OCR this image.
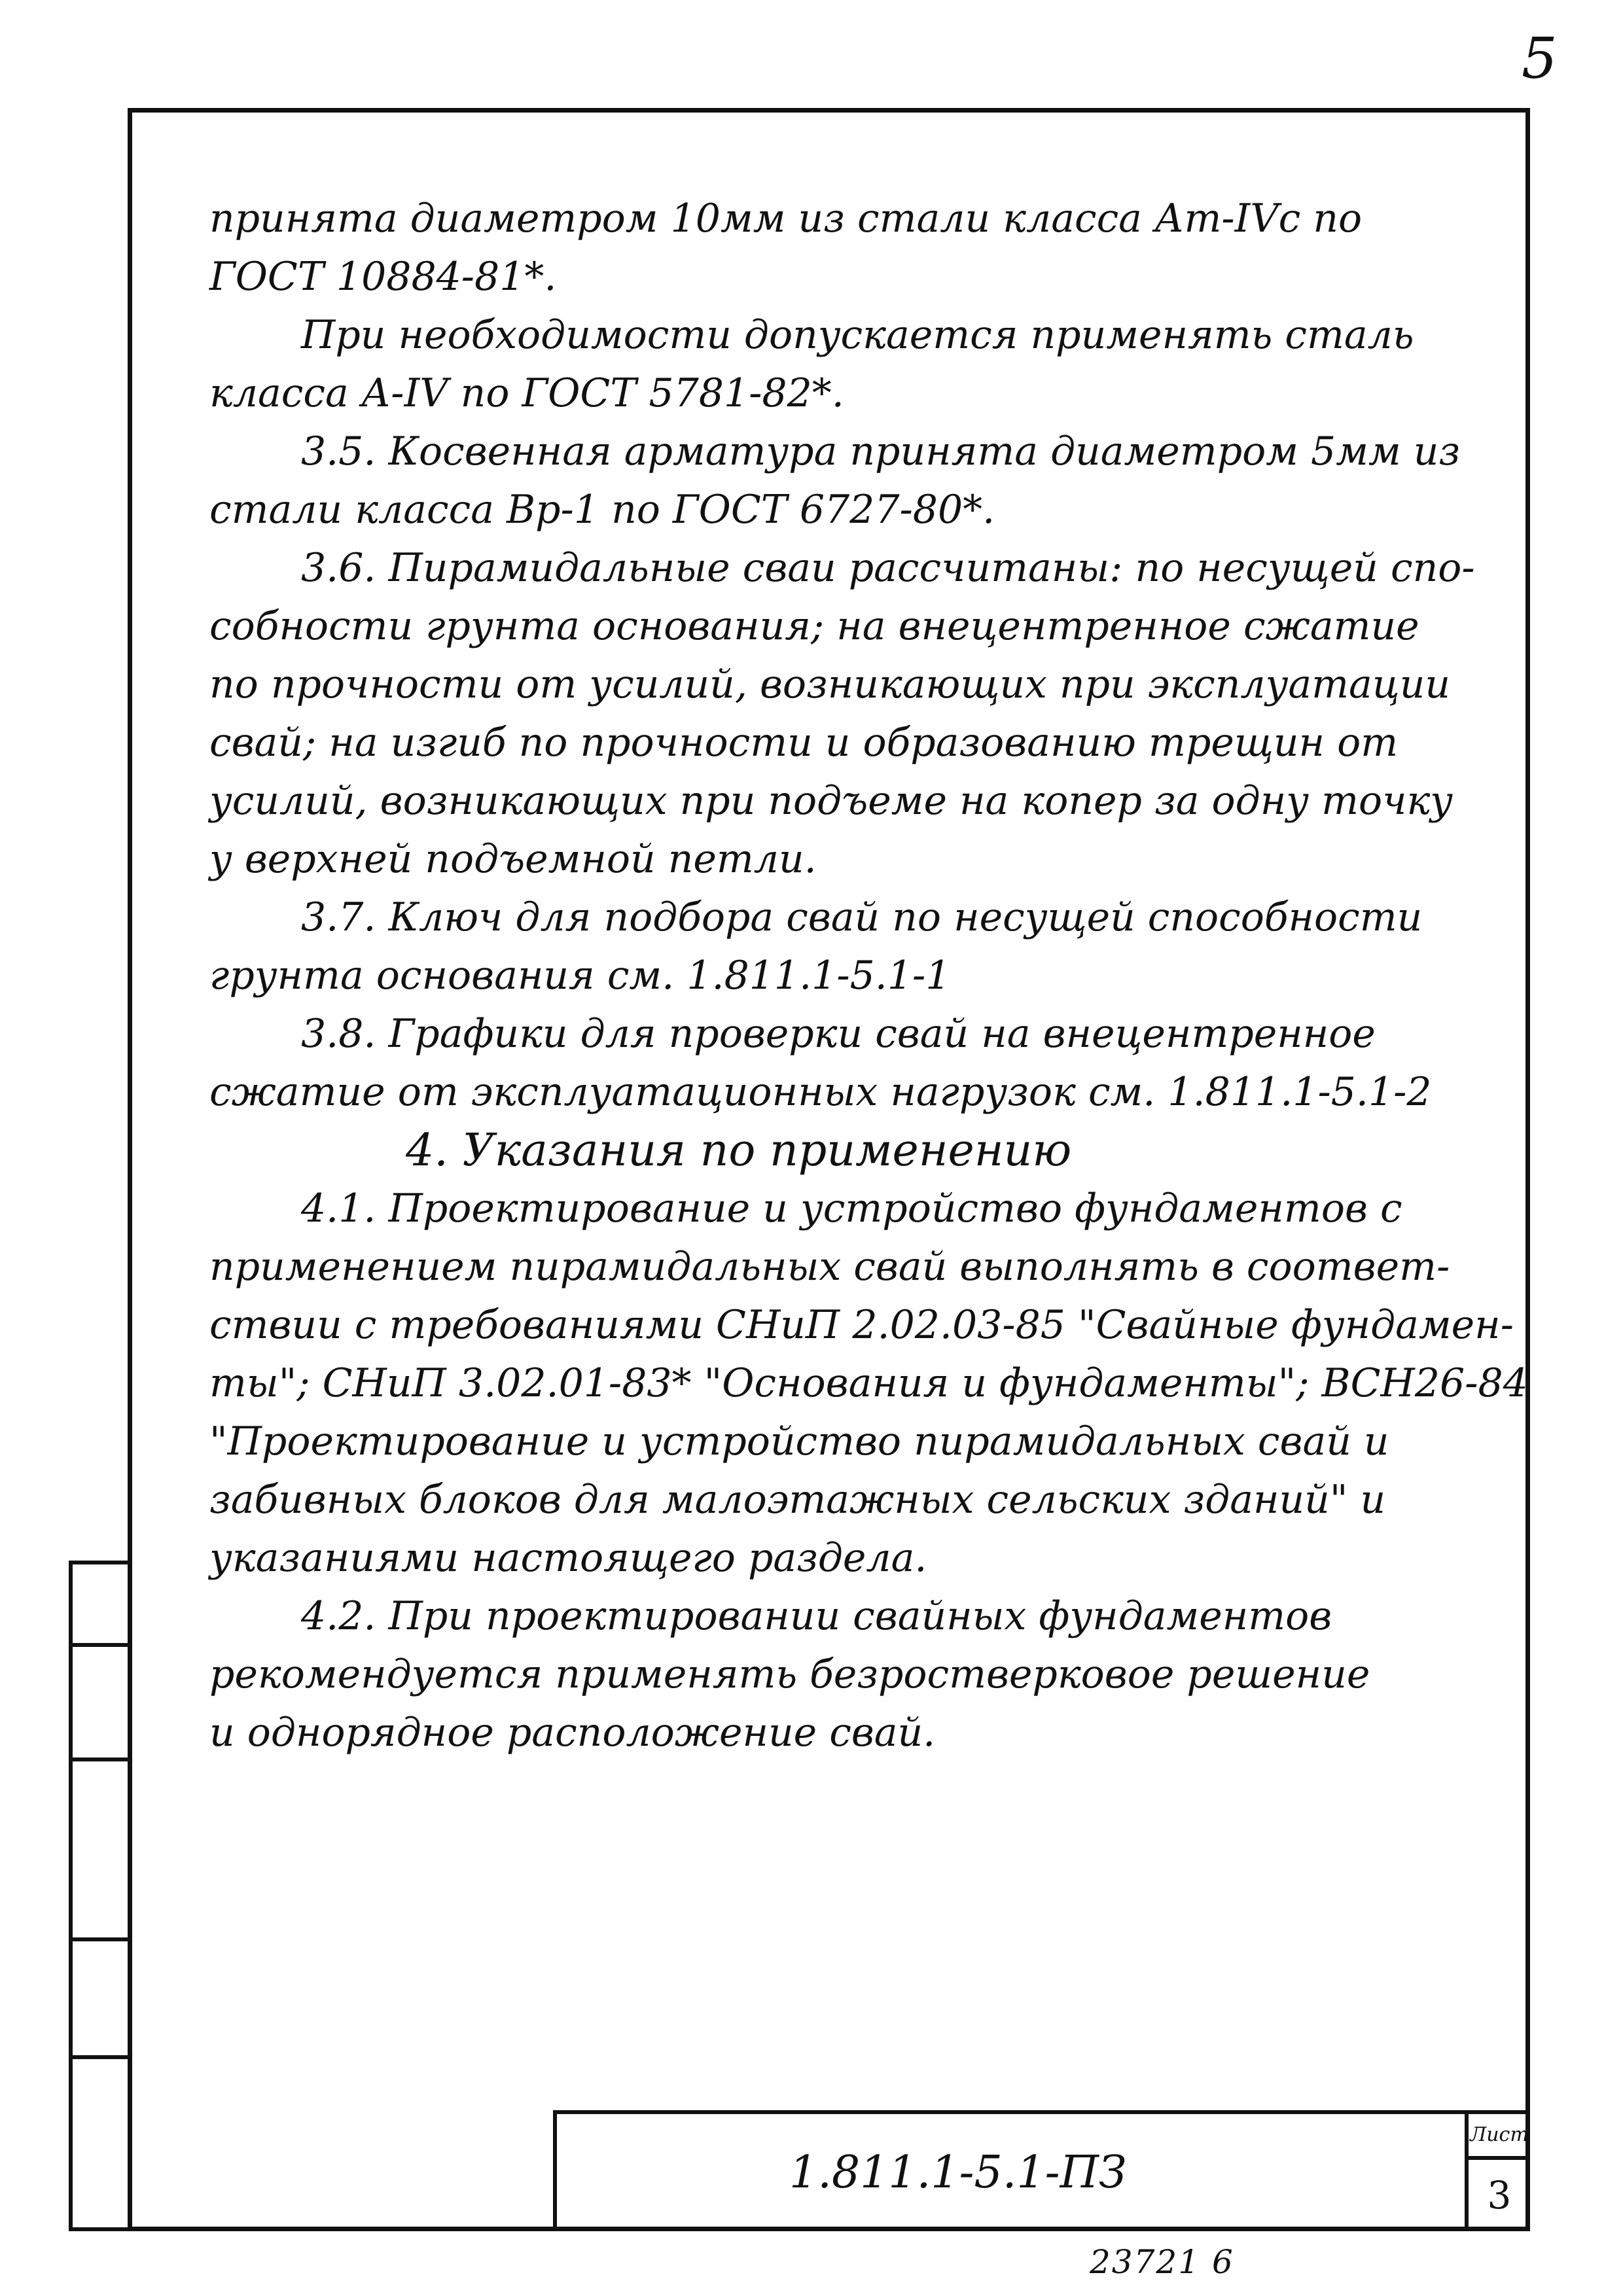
5
принята диаметром 10мм из стали класса Ат-IVс по
ГОСТ 10884-81*.
При необходимости допускается применять сталь
класса А-IV по ГОСТ 5781-82*.
3.5. Косвенная арматура принята диаметром 5мм из
стали класса Вр-1 по ГОСТ 6727-80*.
3.6. Пирамидальные сваи рассчитаны: по несущей спо-
собности грунта основания; на внецентренное сжатие
по прочности от усилий, возникающих при эксплуатации
свай; на изгиб по прочности и образованию трещин от
усилий, возникающих при подъеме на копер за одну точку
у верхней подъемной петли.
3.7. Ключ для подбора свай по несущей способности
грунта основания см. 1.811.1-5.1-1
3.8. Графики для проверки свай на внецентренное
сжатие от эксплуатационных нагрузок см. 1.811.1-5.1-2
4. Указания по применению
4.1. Проектирование и устройство фундаментов с
применением пирамидальных свай выполнять в соответ-
ствии с требованиями СНиП 2.02.03-85 "Свайные фундамен-
ты"; СНиП 3.02.01-83* "Основания и фундаменты"; ВСН26-84
"Проектирование и устройство пирамидальных свай и
забивных блоков для малоэтажных сельских зданий" и
указаниями настоящего раздела.
4.2. При проектировании свайных фундаментов
рекомендуется применять безростверковое решение
и однорядное расположение свай.
1.811.1-5.1-ПЗ
Лист
3
23721 6
